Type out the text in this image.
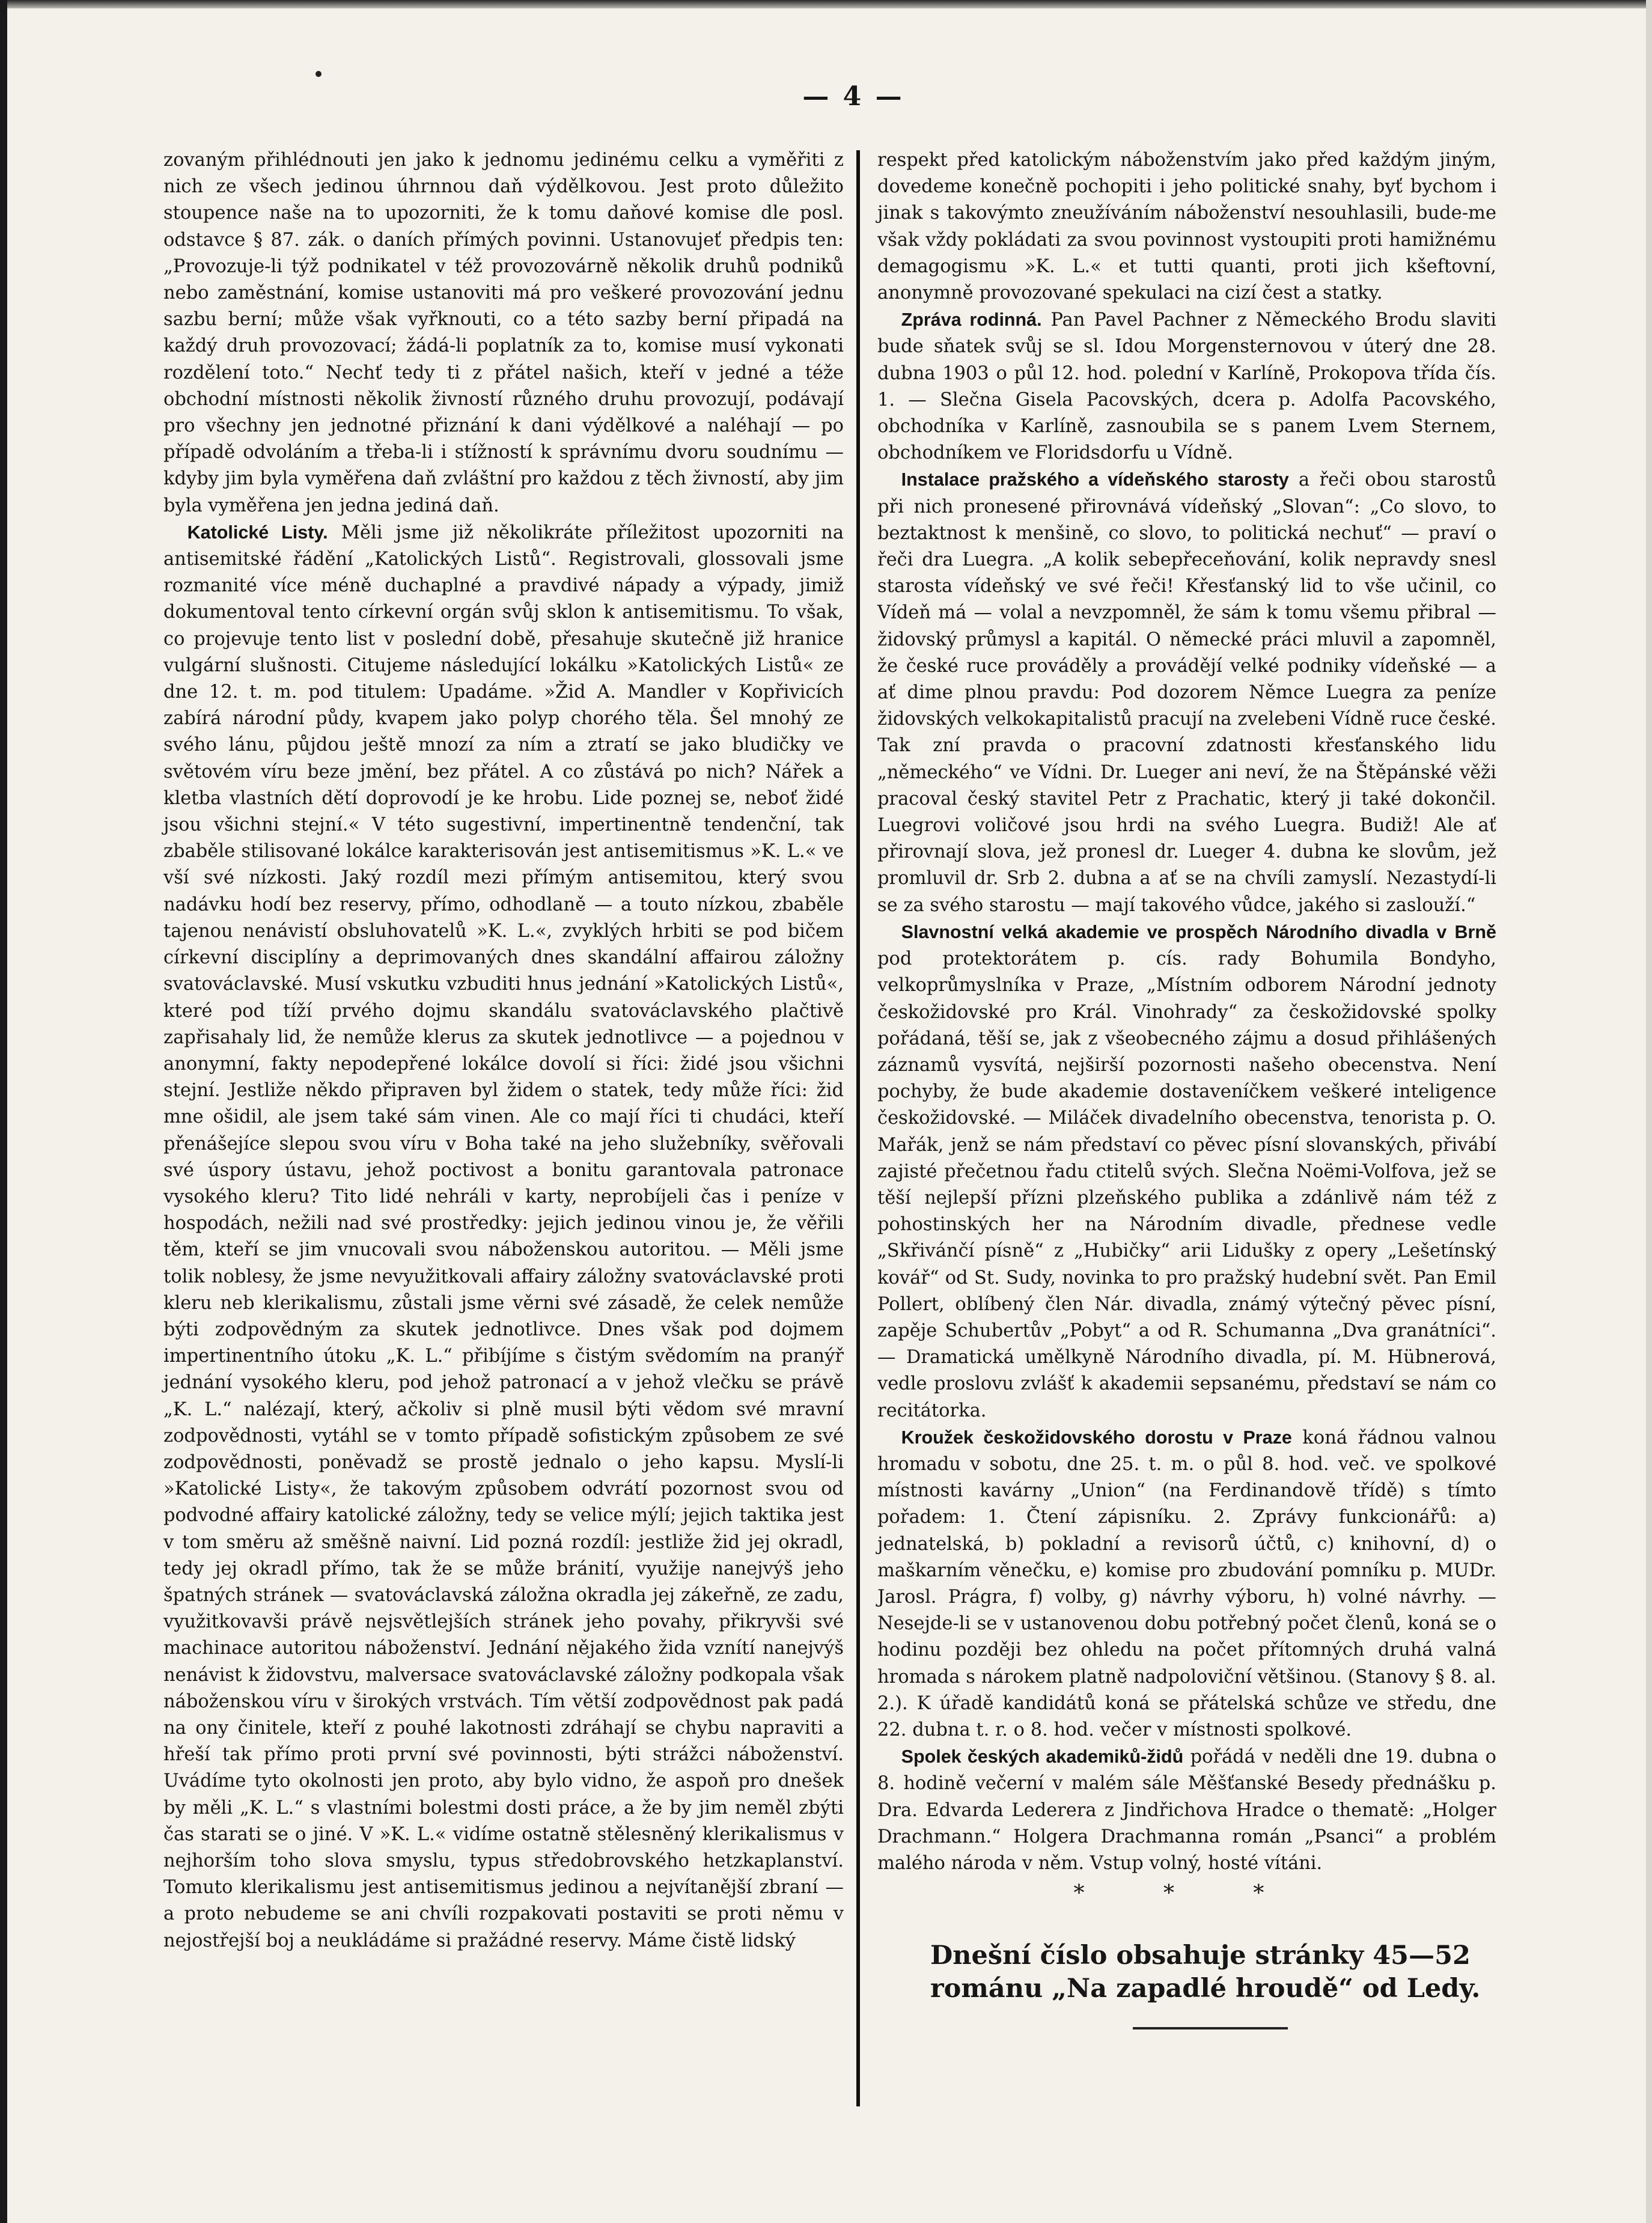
— 4 —

zovaným přihlédnouti jen jako k jednomu jedinému celku a vyměřiti z nich ze všech jedinou úhrnnou daň výdělkovou. Jest proto důležito stoupence naše na to upozorniti, že k tomu daňové komise dle posl. odstavce § 87. zák. o daních přímých povinni. Ustanovujeť předpis ten: „Provozuje-li týž podnikatel v též provozovárně několik druhů podniků nebo zaměstnání, komise ustanoviti má pro veškeré provozování jednu sazbu berní; může však vyřknouti, co a této sazby berní připadá na každý druh provozovací; žádá-li poplatník za to, komise musí vykonati rozdělení toto.“ Nechť tedy ti z přátel našich, kteří v jedné a téže obchodní místnosti několik živností různého druhu provozují, podávají pro všechny jen jednotné přiznání k dani výdělkové a naléhají — po případě odvoláním a třeba-li i stížností k správnímu dvoru soudnímu — kdyby jim byla vyměřena daň zvláštní pro každou z těch živností, aby jim byla vyměřena jen jedna jediná daň.

Katolické Listy. Měli jsme již několikráte příležitost upozorniti na antisemitské řádění „Katolických Listů“. Registrovali, glossovali jsme rozmanité více méně duchaplné a pravdivé nápady a výpady, jimiž dokumentoval tento církevní orgán svůj sklon k antisemitismu. To však, co projevuje tento list v poslední době, přesahuje skutečně již hranice vulgární slušnosti. Citujeme následující lokálku »Katolických Listů« ze dne 12. t. m. pod titulem: Upadáme. »Žid A. Mandler v Kopřivicích zabírá národní půdy, kvapem jako polyp chorého těla. Šel mnohý ze svého lánu, půjdou ještě mnozí za ním a ztratí se jako bludičky ve světovém víru beze jmění, bez přátel. A co zůstává po nich? Nářek a kletba vlastních dětí doprovodí je ke hrobu. Lide poznej se, neboť židé jsou všichni stejní.« V této sugestivní, impertinentně tendenční, tak zbaběle stilisované lokálce karakterisován jest antisemitismus »K. L.« ve vší své nízkosti. Jaký rozdíl mezi přímým antisemitou, který svou nadávku hodí bez reservy, přímo, odhodlaně — a touto nízkou, zbaběle tajenou nenávistí obsluhovatelů »K. L.«, zvyklých hrbiti se pod bičem církevní disciplíny a deprimovaných dnes skandální affairou záložny svatováclavské. Musí vskutku vzbuditi hnus jednání »Katolických Listů«, které pod tíží prvého dojmu skandálu svatováclavského plačtivě zapřisahaly lid, že nemůže klerus za skutek jednotlivce — a pojednou v anonymní, fakty nepodepřené lokálce dovolí si říci: židé jsou všichni stejní. Jestliže někdo připraven byl židem o statek, tedy může říci: žid mne ošidil, ale jsem také sám vinen. Ale co mají říci ti chudáci, kteří přenášejíce slepou svou víru v Boha také na jeho služebníky, svěřovali své úspory ústavu, jehož poctivost a bonitu garantovala patronace vysokého kleru? Tito lidé nehráli v karty, neprobíjeli čas i peníze v hospodách, nežili nad své prostředky: jejich jedinou vinou je, že věřili těm, kteří se jim vnucovali svou náboženskou autoritou. — Měli jsme tolik noblesy, že jsme nevyužitkovali affairy záložny svatováclavské proti kleru neb klerikalismu, zůstali jsme věrni své zásadě, že celek nemůže býti zodpovědným za skutek jednotlivce. Dnes však pod dojmem impertinentního útoku „K. L.“ přibíjíme s čistým svědomím na pranýř jednání vysokého kleru, pod jehož patronací a v jehož vlečku se právě „K. L.“ nalézají, který, ačkoliv si plně musil býti vědom své mravní zodpovědnosti, vytáhl se v tomto případě sofistickým způsobem ze své zodpovědnosti, poněvadž se prostě jednalo o jeho kapsu. Myslí-li »Katolické Listy«, že takovým způsobem odvrátí pozornost svou od podvodné affairy katolické záložny, tedy se velice mýlí; jejich taktika jest v tom směru až směšně naivní. Lid pozná rozdíl: jestliže žid jej okradl, tedy jej okradl přímo, tak že se může bránití, využije nanejvýš jeho špatných stránek — svatováclavská záložna okradla jej zákeřně, ze zadu, využitkovavši právě nejsvětlejších stránek jeho povahy, přikryvši své machinace autoritou náboženství. Jednání nějakého žida vznítí nanejvýš nenávist k židovstvu, malversace svatováclavské záložny podkopala však náboženskou víru v širokých vrstvách. Tím větší zodpovědnost pak padá na ony činitele, kteří z pouhé lakotnosti zdráhají se chybu napraviti a hřeší tak přímo proti první své povinnosti, býti strážci náboženství. Uvádíme tyto okolnosti jen proto, aby bylo vidno, že aspoň pro dnešek by měli „K. L.“ s vlastními bolestmi dosti práce, a že by jim neměl zbýti čas starati se o jiné. V »K. L.« vidíme ostatně stělesněný klerikalismus v nejhorším toho slova smyslu, typus středobrovského hetzkaplanství. Tomuto klerikalismu jest antisemitismus jedinou a nejvítanější zbraní — a proto nebudeme se ani chvíli rozpakovati postaviti se proti němu v nejostřejší boj a neukládáme si pražádné reservy. Máme čistě lidský

respekt před katolickým náboženstvím jako před každým jiným, dovedeme konečně pochopiti i jeho politické snahy, byť bychom i jinak s takovýmto zneužíváním náboženství nesouhlasili, bude-me však vždy pokládati za svou povinnost vystoupiti proti hamižnému demagogismu »K. L.« et tutti quanti, proti jich kšeftovní, anonymně provozované spekulaci na cizí čest a statky.

Zpráva rodinná. Pan Pavel Pachner z Německého Brodu slaviti bude sňatek svůj se sl. Idou Morgensternovou v úterý dne 28. dubna 1903 o půl 12. hod. polední v Karlíně, Prokopova třída čís. 1. — Slečna Gisela Pacovských, dcera p. Adolfa Pacovského, obchodníka v Karlíně, zasnoubila se s panem Lvem Sternem, obchodníkem ve Floridsdorfu u Vídně.

Instalace pražského a vídeňského starosty a řeči obou starostů při nich pronesené přirovnává vídeňský „Slovan“: „Co slovo, to beztaktnost k menšině, co slovo, to politická nechuť“ — praví o řeči dra Luegra. „A kolik sebepřeceňování, kolik nepravdy snesl starosta vídeňský ve své řeči! Křesťanský lid to vše učinil, co Vídeň má — volal a nevzpomněl, že sám k tomu všemu přibral — židovský průmysl a kapitál. O německé práci mluvil a zapomněl, že české ruce prováděly a provádějí velké podniky vídeňské — a ať dime plnou pravdu: Pod dozorem Němce Luegra za peníze židovských velkokapitalistů pracují na zvelebeni Vídně ruce české. Tak zní pravda o pracovní zdatnosti křesťanského lidu „německého“ ve Vídni. Dr. Lueger ani neví, že na Štěpánské věži pracoval český stavitel Petr z Prachatic, který ji také dokončil. Luegrovi voličové jsou hrdi na svého Luegra. Budiž! Ale ať přirovnají slova, jež pronesl dr. Lueger 4. dubna ke slovům, jež promluvil dr. Srb 2. dubna a ať se na chvíli zamyslí. Nezastydí-li se za svého starostu — mají takového vůdce, jakého si zaslouží.“

Slavnostní velká akademie ve prospěch Národního divadla v Brně pod protektorátem p. cís. rady Bohumila Bondyho, velkoprůmyslníka v Praze, „Místním odborem Národní jednoty českožidovské pro Král. Vinohrady“ za českožidovské spolky pořádaná, těší se, jak z všeobecného zájmu a dosud přihlášených záznamů vysvítá, nejširší pozornosti našeho obecenstva. Není pochyby, že bude akademie dostaveníčkem veškeré inteligence českožidovské. — Miláček divadelního obecenstva, tenorista p. O. Mařák, jenž se nám představí co pěvec písní slovanských, přivábí zajisté přečetnou řadu ctitelů svých. Slečna Noëmi-Volfova, jež se těší nejlepší přízni plzeňského publika a zdánlivě nám též z pohostinských her na Národním divadle, přednese vedle „Skřivánčí písně“ z „Hubičky“ arii Lidušky z opery „Lešetínský kovář“ od St. Sudy, novinka to pro pražský hudební svět. Pan Emil Pollert, oblíbený člen Nár. divadla, známý výtečný pěvec písní, zapěje Schubertův „Pobyt“ a od R. Schumanna „Dva granátníci“. — Dramatická umělkyně Národního divadla, pí. M. Hübnerová, vedle proslovu zvlášť k akademii sepsanému, představí se nám co recitátorka.

Kroužek českožidovského dorostu v Praze koná řádnou valnou hromadu v sobotu, dne 25. t. m. o půl 8. hod. več. ve spolkové místnosti kavárny „Union“ (na Ferdinandově třídě) s tímto pořadem: 1. Čtení zápisníku. 2. Zprávy funkcionářů: a) jednatelská, b) pokladní a revisorů účtů, c) knihovní, d) o maškarním věnečku, e) komise pro zbudování pomníku p. MUDr. Jarosl. Prágra, f) volby, g) návrhy výboru, h) volné návrhy. — Nesejde-li se v ustanovenou dobu potřebný počet členů, koná se o hodinu později bez ohledu na počet přítomných druhá valná hromada s nárokem platně nadpoloviční většinou. (Stanovy § 8. al. 2.). K úřadě kandidátů koná se přátelská schůze ve středu, dne 22. dubna t. r. o 8. hod. večer v místnosti spolkové.

Spolek českých akademiků-židů pořádá v neděli dne 19. dubna o 8. hodině večerní v malém sále Měšťanské Besedy přednášku p. Dra. Edvarda Lederera z Jindřichova Hradce o thematě: „Holger Drachmann.“ Holgera Drachmanna román „Psanci“ a problém malého národa v něm. Vstup volný, hosté vítáni.

* * *

Dnešní číslo obsahuje stránky 45—52 románu „Na zapadlé hroudě“ od Ledy.
